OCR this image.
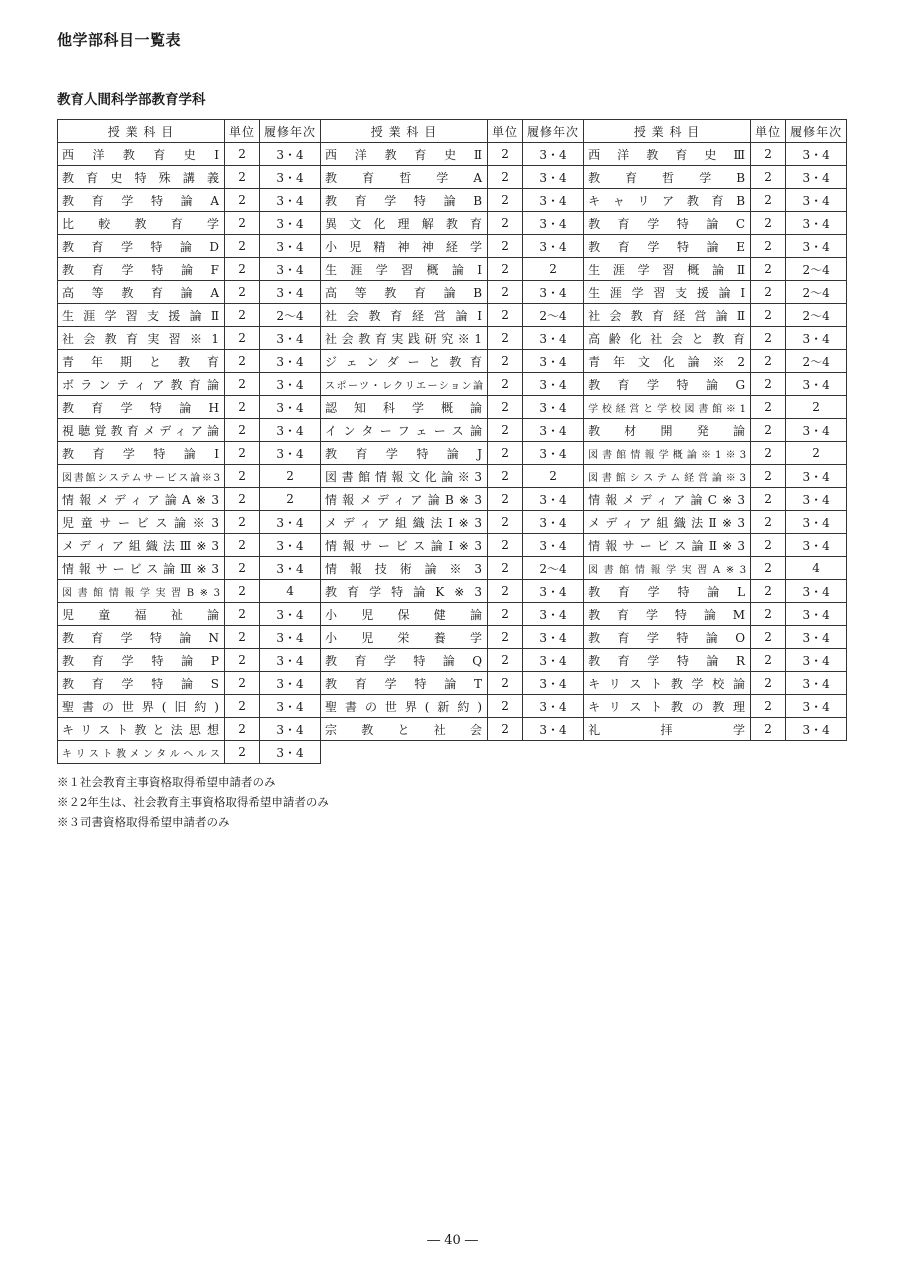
他学部科目一覧表
教育人間科学部教育学科
授 業 科 目	単位	履修年次	授 業 科 目	単位	履修年次	授 業 科 目	単位	履修年次
西洋教育史Ⅰ	2	3・4	西洋教育史Ⅱ	2	3・4	西洋教育史Ⅲ	2	3・4
教育史特殊講義	2	3・4	教育哲学A	2	3・4	教育哲学B	2	3・4
教育学特論A	2	3・4	教育学特論B	2	3・4	キャリア教育B	2	3・4
比較教育学	2	3・4	異文化理解教育	2	3・4	教育学特論C	2	3・4
教育学特論D	2	3・4	小児精神神経学	2	3・4	教育学特論E	2	3・4
教育学特論F	2	3・4	生涯学習概論Ⅰ	2	2	生涯学習概論Ⅱ	2	2〜4
高等教育論A	2	3・4	高等教育論B	2	3・4	生涯学習支援論Ⅰ	2	2〜4
生涯学習支援論Ⅱ	2	2〜4	社会教育経営論Ⅰ	2	2〜4	社会教育経営論Ⅱ	2	2〜4
社会教育実習※1	2	3・4	社会教育実践研究※1	2	3・4	高齢化社会と教育	2	3・4
青年期と教育	2	3・4	ジェンダーと教育	2	3・4	青年文化論※2	2	2〜4
ボランティア教育論	2	3・4	スポーツ・レクリエーション論	2	3・4	教育学特論G	2	3・4
教育学特論H	2	3・4	認知科学概論	2	3・4	学校経営と学校図書館※1	2	2
視聴覚教育メディア論	2	3・4	インターフェース論	2	3・4	教材開発論	2	3・4
教育学特論I	2	3・4	教育学特論J	2	3・4	図書館情報学概論※1※3	2	2
図書館システムサービス論※3	2	2	図書館情報文化論※3	2	2	図書館システム経営論※3	2	3・4
情報メディア論A※3	2	2	情報メディア論B※3	2	3・4	情報メディア論C※3	2	3・4
児童サービス論※3	2	3・4	メディア組織法Ⅰ※3	2	3・4	メディア組織法Ⅱ※3	2	3・4
メディア組織法Ⅲ※3	2	3・4	情報サービス論Ⅰ※3	2	3・4	情報サービス論Ⅱ※3	2	3・4
情報サービス論Ⅲ※3	2	3・4	情報技術論※3	2	2〜4	図書館情報学実習A※3	2	4
図書館情報学実習B※3	2	4	教育学特論K※3	2	3・4	教育学特論L	2	3・4
児童福祉論	2	3・4	小児保健論	2	3・4	教育学特論M	2	3・4
教育学特論N	2	3・4	小児栄養学	2	3・4	教育学特論O	2	3・4
教育学特論P	2	3・4	教育学特論Q	2	3・4	教育学特論R	2	3・4
教育学特論S	2	3・4	教育学特論T	2	3・4	キリスト教学校論	2	3・4
聖書の世界(旧約)	2	3・4	聖書の世界(新約)	2	3・4	キリスト教の教理	2	3・4
キリスト教と法思想	2	3・4	宗教と社会	2	3・4	礼拝学	2	3・4
キリスト教メンタルヘルス	2	3・4						
※１社会教育主事資格取得希望申請者のみ
※２2年生は、社会教育主事資格取得希望申請者のみ
※３司書資格取得希望申請者のみ
― 40 ―
